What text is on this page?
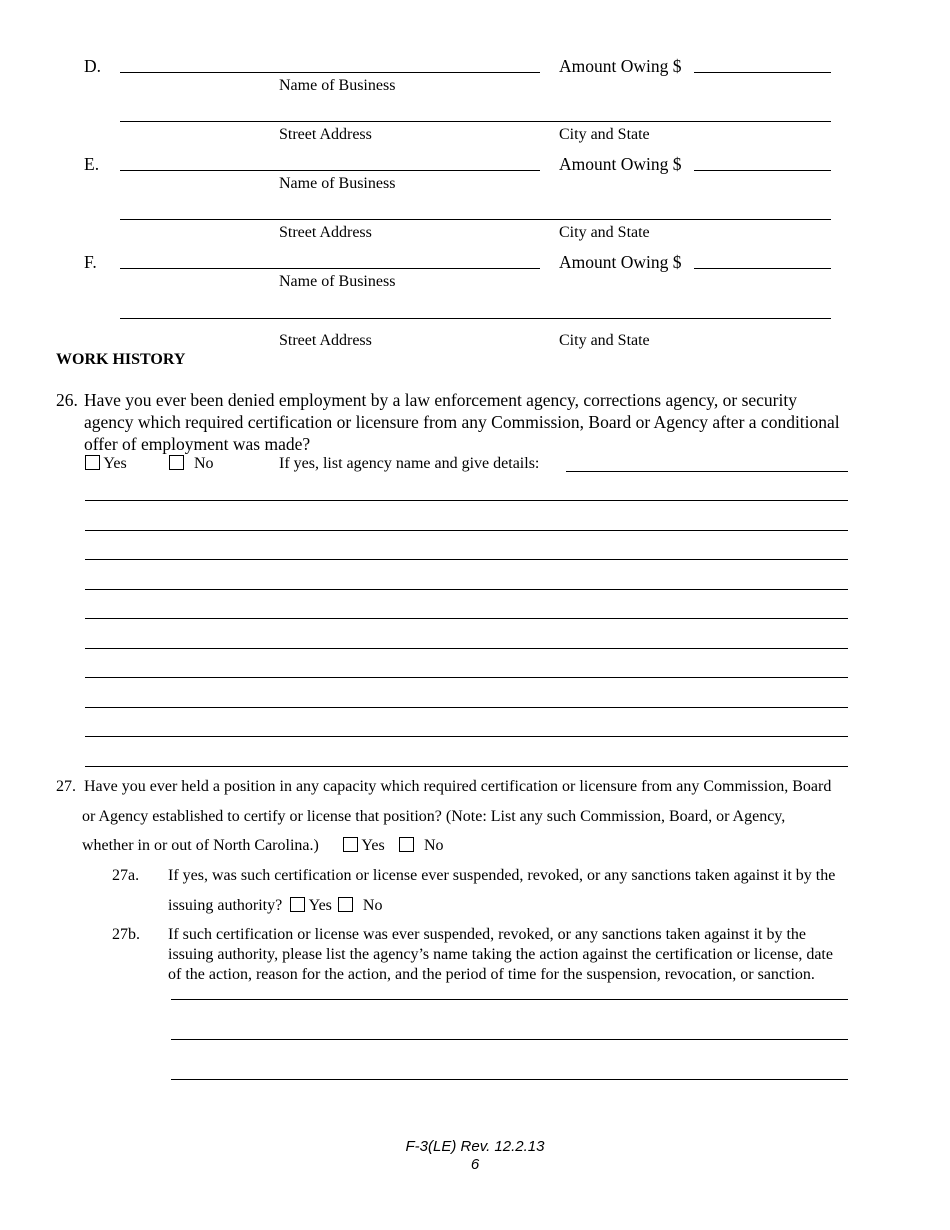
D.	Amount Owing $
Name of Business
Street Address	City and State
E.	Amount Owing $
Name of Business
Street Address	City and State
F.	Amount Owing $
Name of Business
Street Address	City and State
WORK HISTORY
26. Have you ever been denied employment by a law enforcement agency, corrections agency, or security
agency which required certification or licensure from any Commission, Board or Agency after a conditional
offer of employment was made?
Yes	No	If yes, list agency name and give details:
27. Have you ever held a position in any capacity which required certification or licensure from any Commission, Board
or Agency established to certify or license that position? (Note: List any such Commission, Board, or Agency,
whether in or out of North Carolina.)	Yes	No
27a. If yes, was such certification or license ever suspended, revoked, or any sanctions taken against it by the
issuing authority? Yes No
27b. If such certification or license was ever suspended, revoked, or any sanctions taken against it by the
issuing authority, please list the agency’s name taking the action against the certification or license, date
of the action, reason for the action, and the period of time for the suspension, revocation, or sanction.
F-3(LE) Rev. 12.2.13
6
